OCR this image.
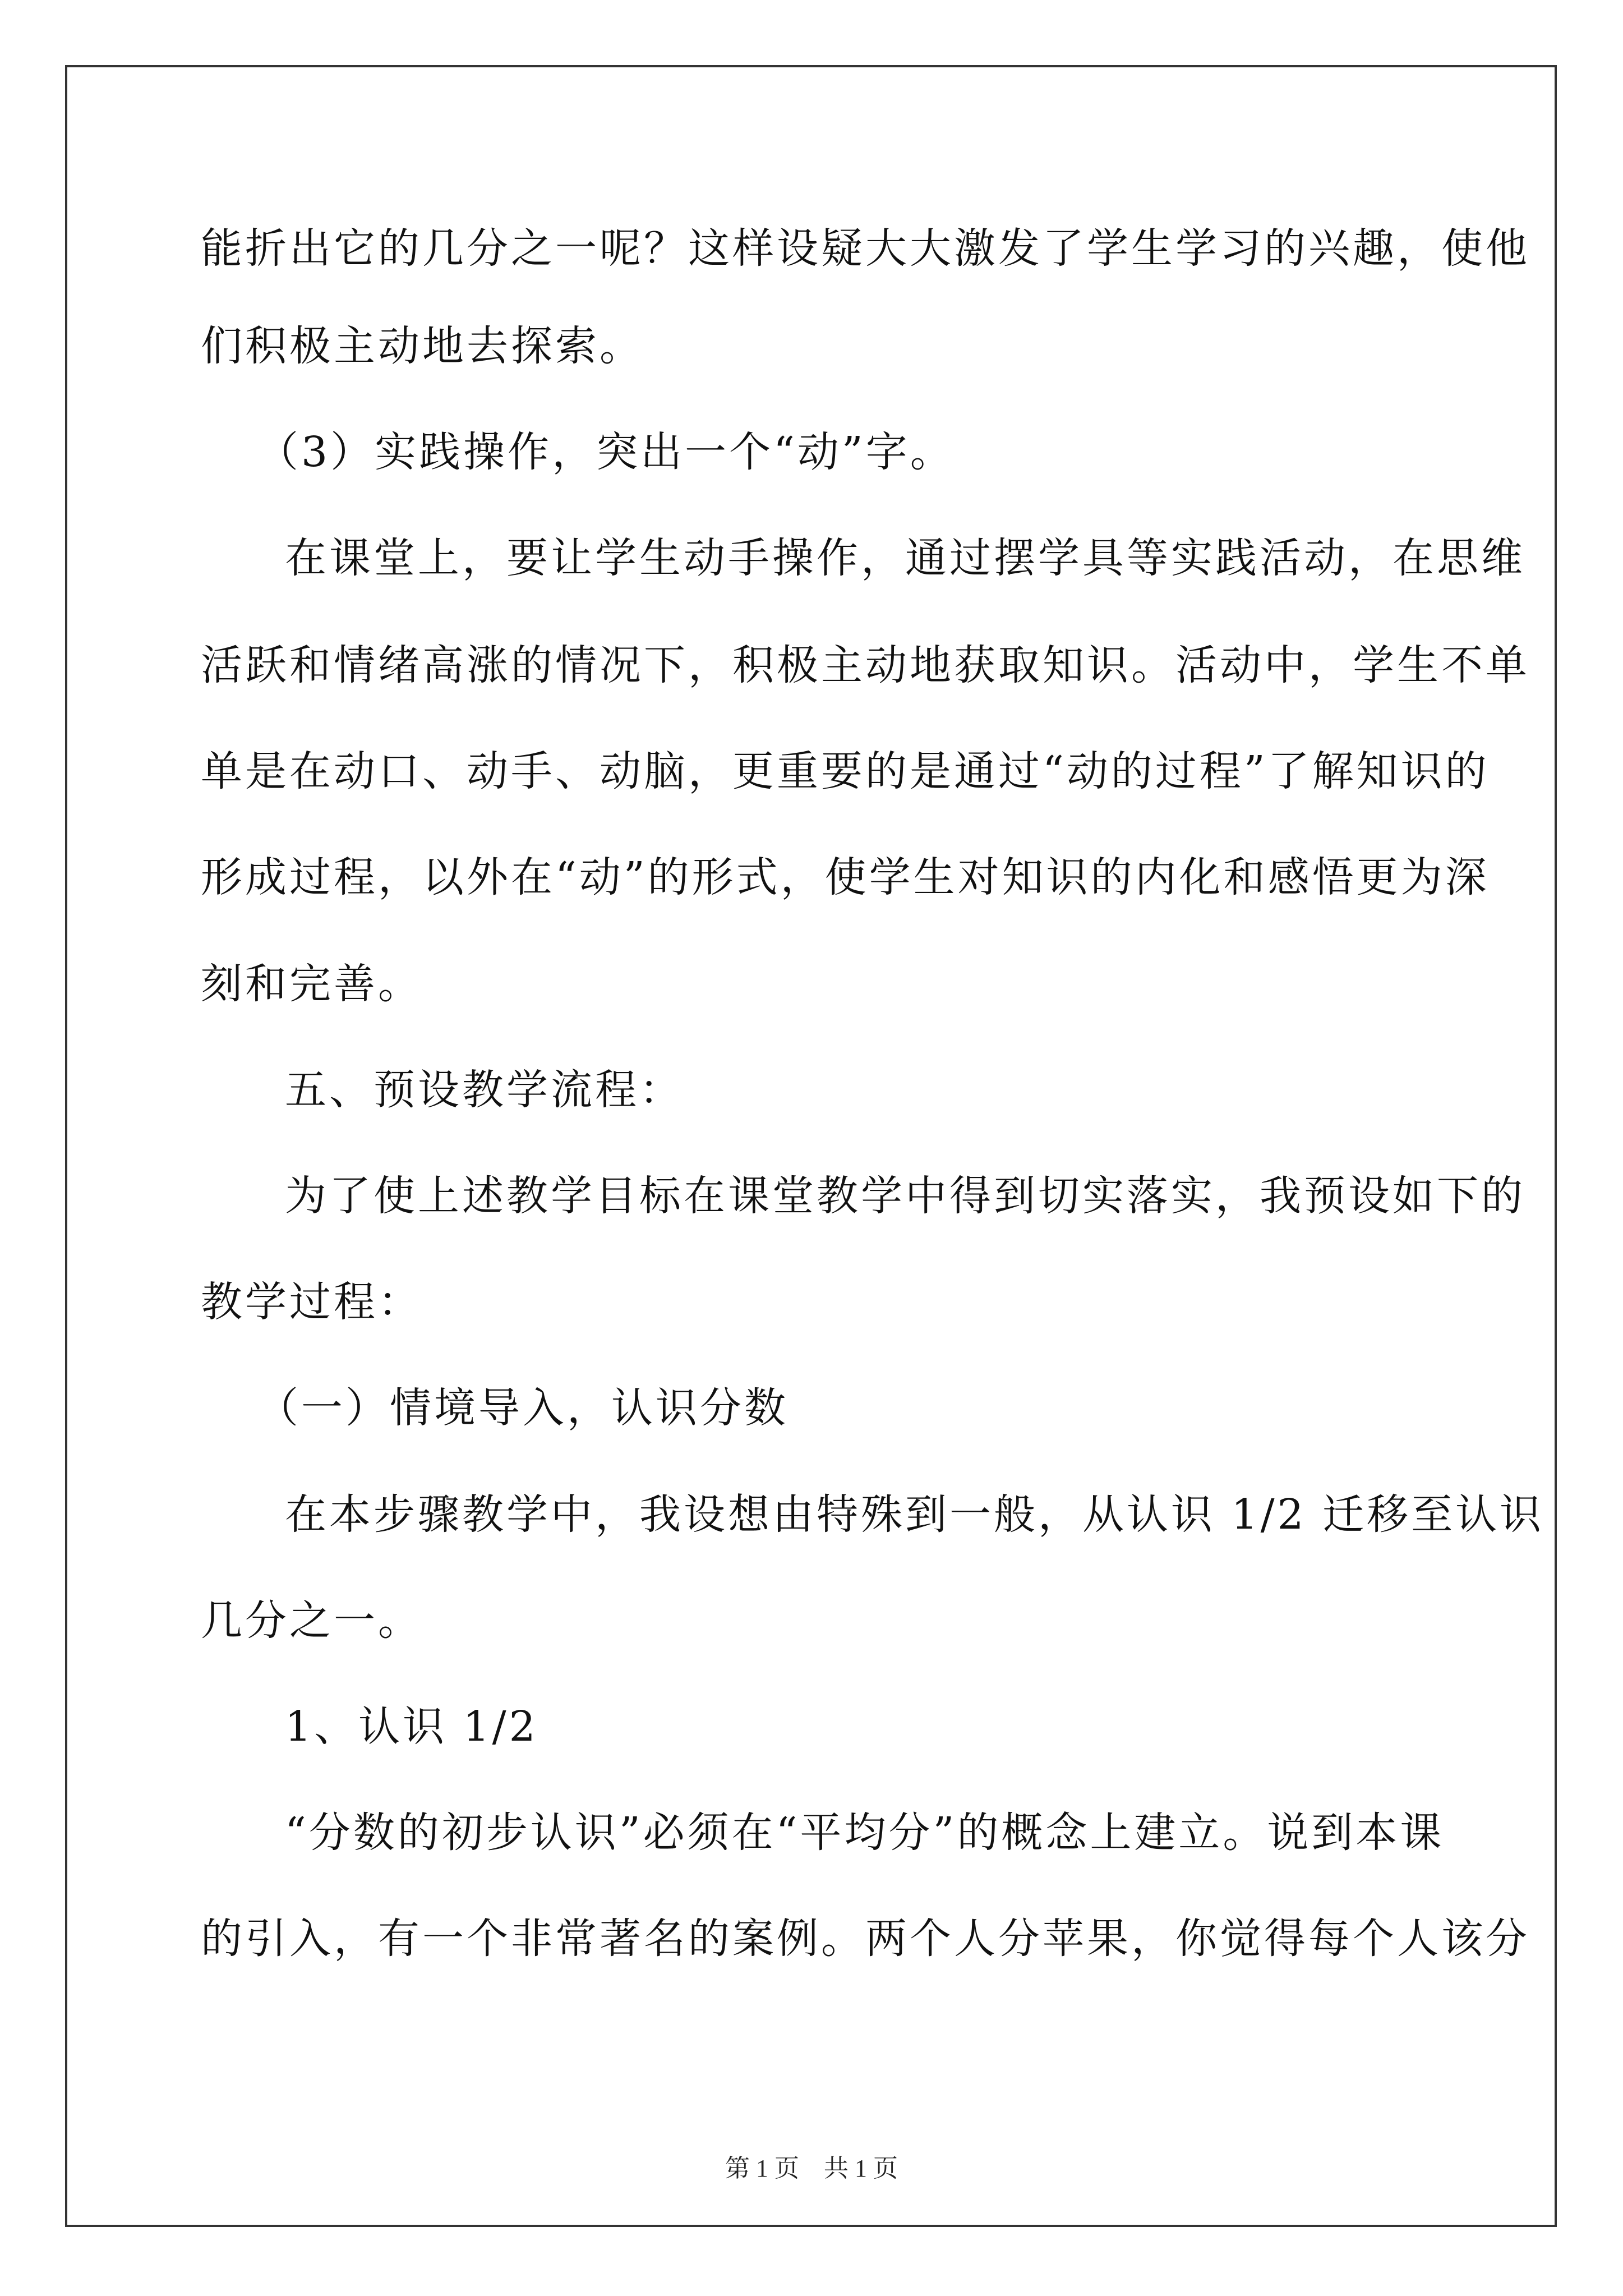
能折出它的几分之一呢？这样设疑大大激发了学生学习的兴趣，使他
们积极主动地去探索。
（3）实践操作，突出一个“动”字。
在课堂上，要让学生动手操作，通过摆学具等实践活动，在思维
活跃和情绪高涨的情况下，积极主动地获取知识。活动中，学生不单
单是在动口、动手、动脑，更重要的是通过“动的过程”了解知识的
形成过程，以外在“动”的形式，使学生对知识的内化和感悟更为深
刻和完善。
五、预设教学流程：
为了使上述教学目标在课堂教学中得到切实落实，我预设如下的
教学过程：
（一）情境导入，认识分数
在本步骤教学中，我设想由特殊到一般，从认识 1/2 迁移至认识
几分之一。
1、认识 1/2
“分数的初步认识”必须在“平均分”的概念上建立。说到本课
的引入，有一个非常著名的案例。两个人分苹果，你觉得每个人该分
第 1 页　共 1 页
